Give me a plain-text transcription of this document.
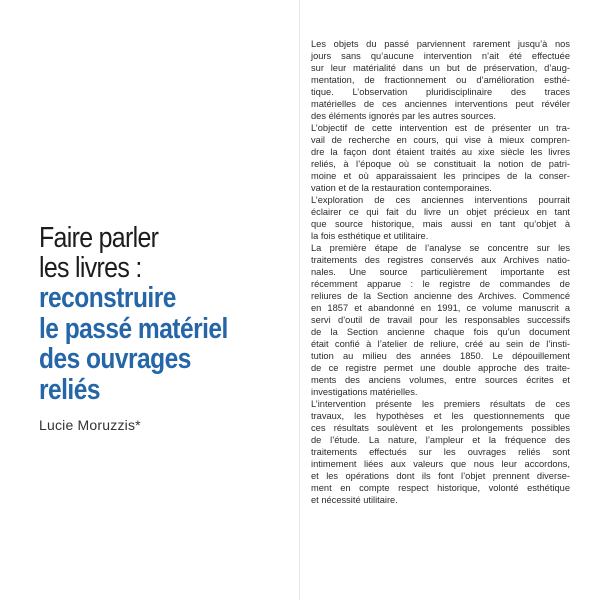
Faire parler
les livres :
reconstruire
le passé matériel
des ouvrages
reliés
Lucie Moruzzis*
Les objets du passé parviennent rarement jusqu’à nos
jours sans qu’aucune intervention n’ait été effectuée
sur leur matérialité dans un but de préservation, d’aug-
mentation, de fractionnement ou d’amélioration esthé-
tique. L’observation pluridisciplinaire des traces
matérielles de ces anciennes interventions peut révéler
des éléments ignorés par les autres sources.
L’objectif de cette intervention est de présenter un tra-
vail de recherche en cours, qui vise à mieux compren-
dre la façon dont étaient traités au xixe siècle les livres
reliés, à l’époque où se constituait la notion de patri-
moine et où apparaissaient les principes de la conser-
vation et de la restauration contemporaines.
L’exploration de ces anciennes interventions pourrait
éclairer ce qui fait du livre un objet précieux en tant
que source historique, mais aussi en tant qu’objet à
la fois esthétique et utilitaire.
La première étape de l’analyse se concentre sur les
traitements des registres conservés aux Archives natio-
nales. Une source particulièrement importante est
récemment apparue : le registre de commandes de
reliures de la Section ancienne des Archives. Commencé
en 1857 et abandonné en 1991, ce volume manuscrit a
servi d’outil de travail pour les responsables successifs
de la Section ancienne chaque fois qu’un document
était confié à l’atelier de reliure, créé au sein de l’insti-
tution au milieu des années 1850. Le dépouillement
de ce registre permet une double approche des traite-
ments des anciens volumes, entre sources écrites et
investigations matérielles.
L’intervention présente les premiers résultats de ces
travaux, les hypothèses et les questionnements que
ces résultats soulèvent et les prolongements possibles
de l’étude. La nature, l’ampleur et la fréquence des
traitements effectués sur les ouvrages reliés sont
intimement liées aux valeurs que nous leur accordons,
et les opérations dont ils font l’objet prennent diverse-
ment en compte respect historique, volonté esthétique
et nécessité utilitaire.
